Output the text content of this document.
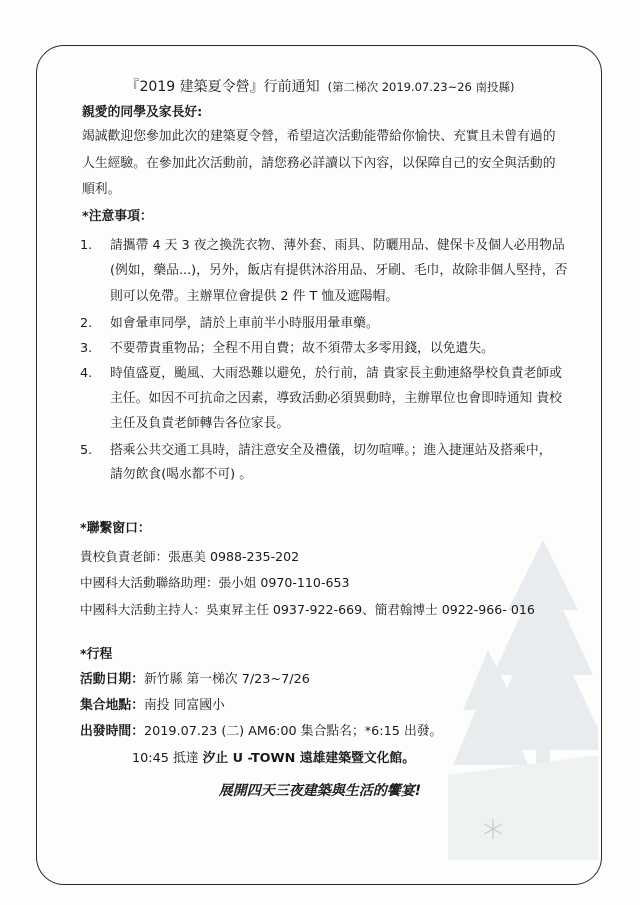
『2019 建築夏令營』行前通知 (第二梯次 2019.07.23~26 南投縣)
親愛的同學及家長好:
竭誠歡迎您參加此次的建築夏令營，希望這次活動能帶給你愉快、充實且未曾有過的
人生經驗。在參加此次活動前，請您務必詳讀以下內容，以保障自己的安全與活動的
順利。
*注意事項：
1. 請攜帶 4 天 3 夜之換洗衣物、薄外套、雨具、防曬用品、健保卡及個人必用物品
(例如，藥品...)，另外，飯店有提供沐浴用品、牙刷、毛巾，故除非個人堅持，否
則可以免帶。主辦單位會提供 2 件 T 恤及遮陽帽。
2. 如會暈車同學，請於上車前半小時服用暈車藥。
3. 不要帶貴重物品；全程不用自費；故不須帶太多零用錢，以免遺失。
4. 時值盛夏，颱風、大雨恐難以避免，於行前，請 貴家長主動連絡學校負責老師或
主任。如因不可抗命之因素，導致活動必須異動時，主辦單位也會即時通知 貴校
主任及負責老師轉告各位家長。
5. 搭乘公共交通工具時，請注意安全及禮儀，切勿喧嘩。；進入捷運站及搭乘中，
請勿飲食(喝水都不可) 。
*聯繫窗口：
貴校負責老師：張惠美 0988-235-202
中國科大活動聯絡助理：張小姐 0970-110-653
中國科大活動主持人：吳東昇主任 0937-922-669、簡君翰博士 0922-966- 016
*行程
活動日期：新竹縣 第一梯次 7/23~7/26
集合地點：南投 同富國小
出發時間：2019.07.23 (二) AM6:00 集合點名；*6:15 出發。
10:45 抵達 汐止 U -TOWN 遠雄建築暨文化館。
展開四天三夜建築與生活的饗宴!
